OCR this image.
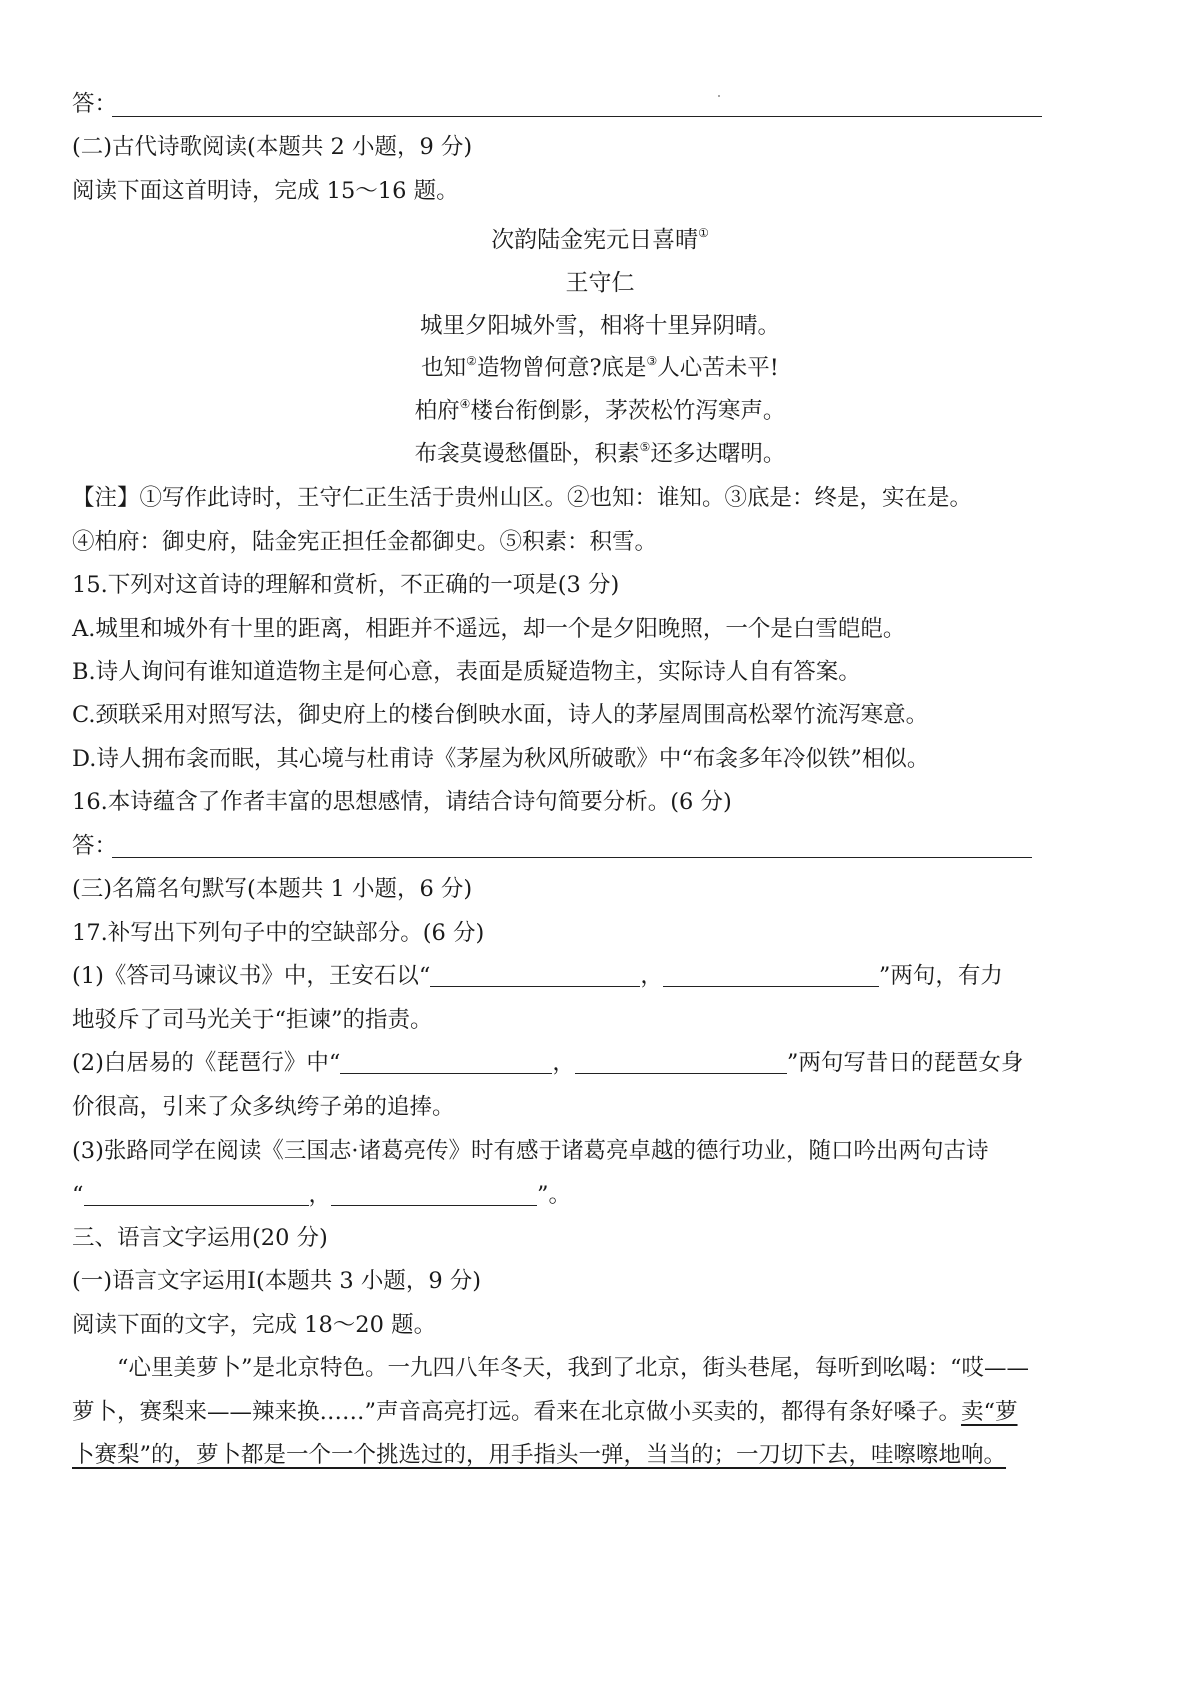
答：
(二)古代诗歌阅读(本题共 2 小题，9 分)
阅读下面这首明诗，完成 15～16 题。
次韵陆金宪元日喜晴①
王守仁
城里夕阳城外雪，相将十里异阴晴。
也知②造物曾何意?底是③人心苦未平!
柏府④楼台衔倒影，茅茨松竹泻寒声。
布衾莫谩愁僵卧，积素⑤还多达曙明。
【注】①写作此诗时，王守仁正生活于贵州山区。②也知：谁知。③底是：终是，实在是。
④柏府：御史府，陆金宪正担任金都御史。⑤积素：积雪。
15.下列对这首诗的理解和赏析，不正确的一项是(3 分)
A.城里和城外有十里的距离，相距并不遥远，却一个是夕阳晚照，一个是白雪皑皑。
B.诗人询问有谁知道造物主是何心意，表面是质疑造物主，实际诗人自有答案。
C.颈联采用对照写法，御史府上的楼台倒映水面，诗人的茅屋周围高松翠竹流泻寒意。
D.诗人拥布衾而眠，其心境与杜甫诗《茅屋为秋风所破歌》中“布衾多年冷似铁”相似。
16.本诗蕴含了作者丰富的思想感情，请结合诗句简要分析。(6 分)
答：
(三)名篇名句默写(本题共 1 小题，6 分)
17.补写出下列句子中的空缺部分。(6 分)
(1)《答司马谏议书》中，王安石以“	，	”两句，有力
地驳斥了司马光关于“拒谏”的指责。
(2)白居易的《琵琶行》中“	，	”两句写昔日的琵琶女身
价很高，引来了众多纨绔子弟的追捧。
(3)张路同学在阅读《三国志·诸葛亮传》时有感于诸葛亮卓越的德行功业，随口吟出两句古诗
“	，	”。
三、语言文字运用(20 分)
(一)语言文字运用Ⅰ(本题共 3 小题，9 分)
阅读下面的文字，完成 18～20 题。
“心里美萝卜”是北京特色。一九四八年冬天，我到了北京，街头巷尾，每听到吆喝：“哎——
萝卜，赛梨来——辣来换……”声音高亮打远。看来在北京做小买卖的，都得有条好嗓子。卖“萝
卜赛梨”的，萝卜都是一个一个挑选过的，用手指头一弹，当当的；一刀切下去，哇嚓嚓地响。
